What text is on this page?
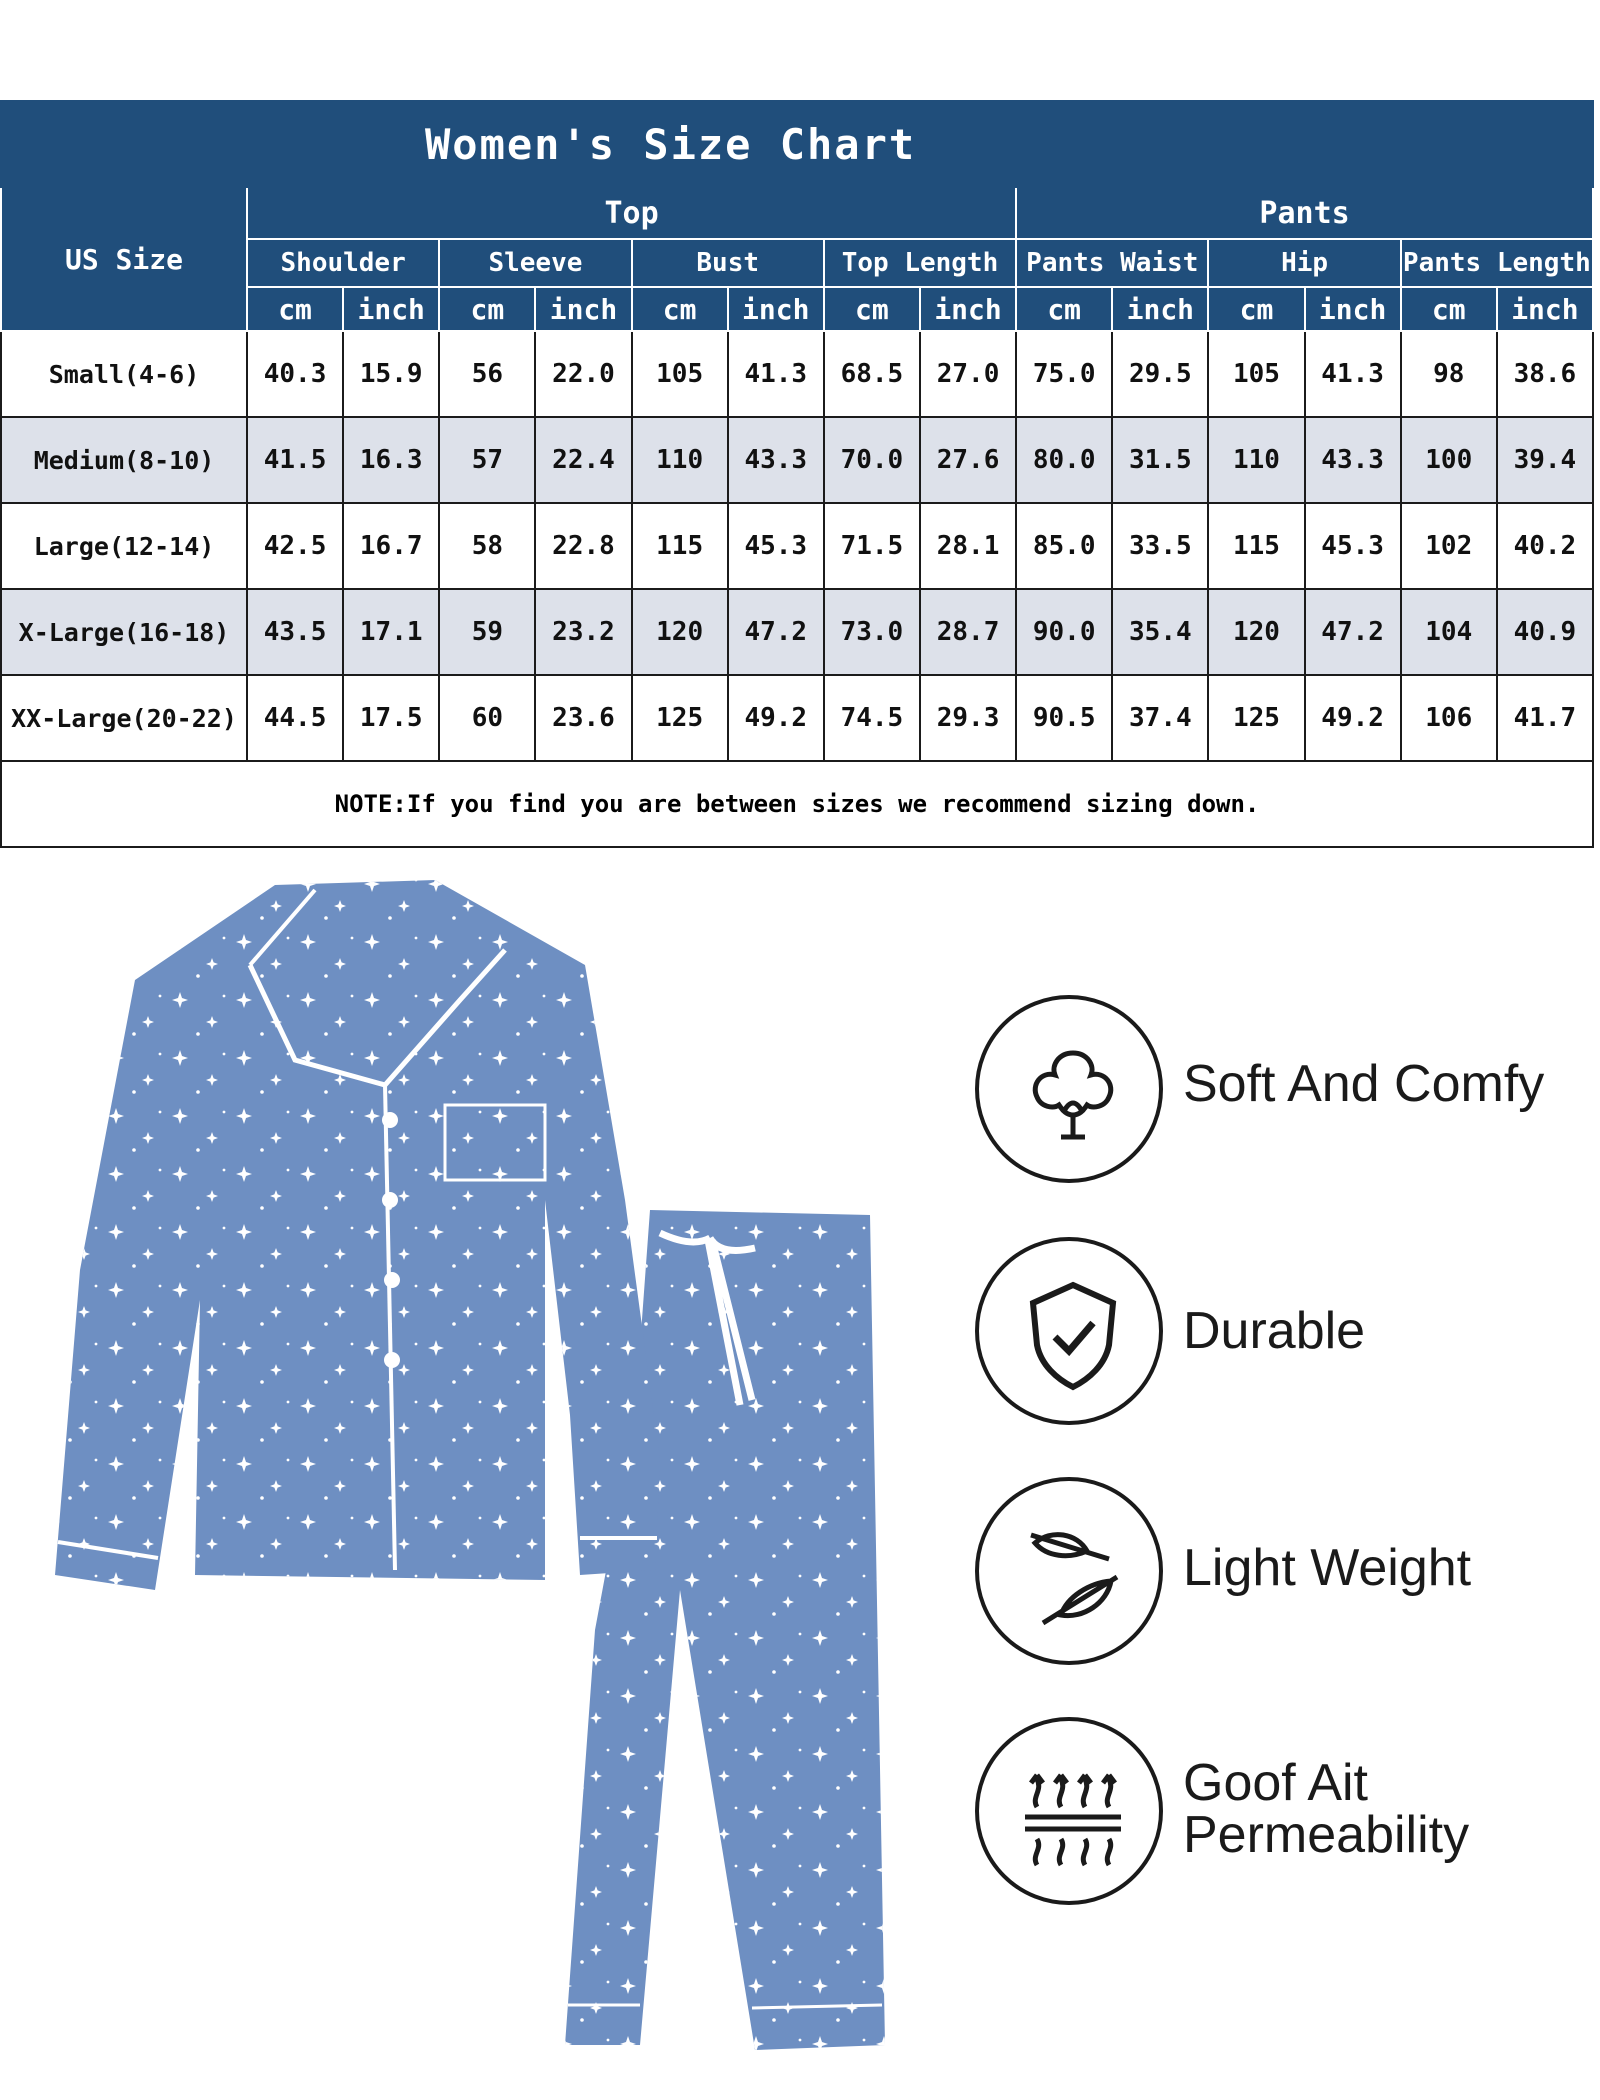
Women's Size Chart														
US Size	Top								Pants					
	Shoulder		Sleeve		Bust		Top Length		Pants Waist		Hip		Pants Length	
	cm	inch	cm	inch	cm	inch	cm	inch	cm	inch	cm	inch	cm	inch
Small(4-6)	40.3	15.9	56	22.0	105	41.3	68.5	27.0	75.0	29.5	105	41.3	98	38.6
Medium(8-10)	41.5	16.3	57	22.4	110	43.3	70.0	27.6	80.0	31.5	110	43.3	100	39.4
Large(12-14)	42.5	16.7	58	22.8	115	45.3	71.5	28.1	85.0	33.5	115	45.3	102	40.2
X-Large(16-18)	43.5	17.1	59	23.2	120	47.2	73.0	28.7	90.0	35.4	120	47.2	104	40.9
XX-Large(20-22)	44.5	17.5	60	23.6	125	49.2	74.5	29.3	90.5	37.4	125	49.2	106	41.7
NOTE:If you find you are between sizes we recommend sizing down.														
Soft And Comfy
Durable
Light Weight
Goof Ait
Permeability
